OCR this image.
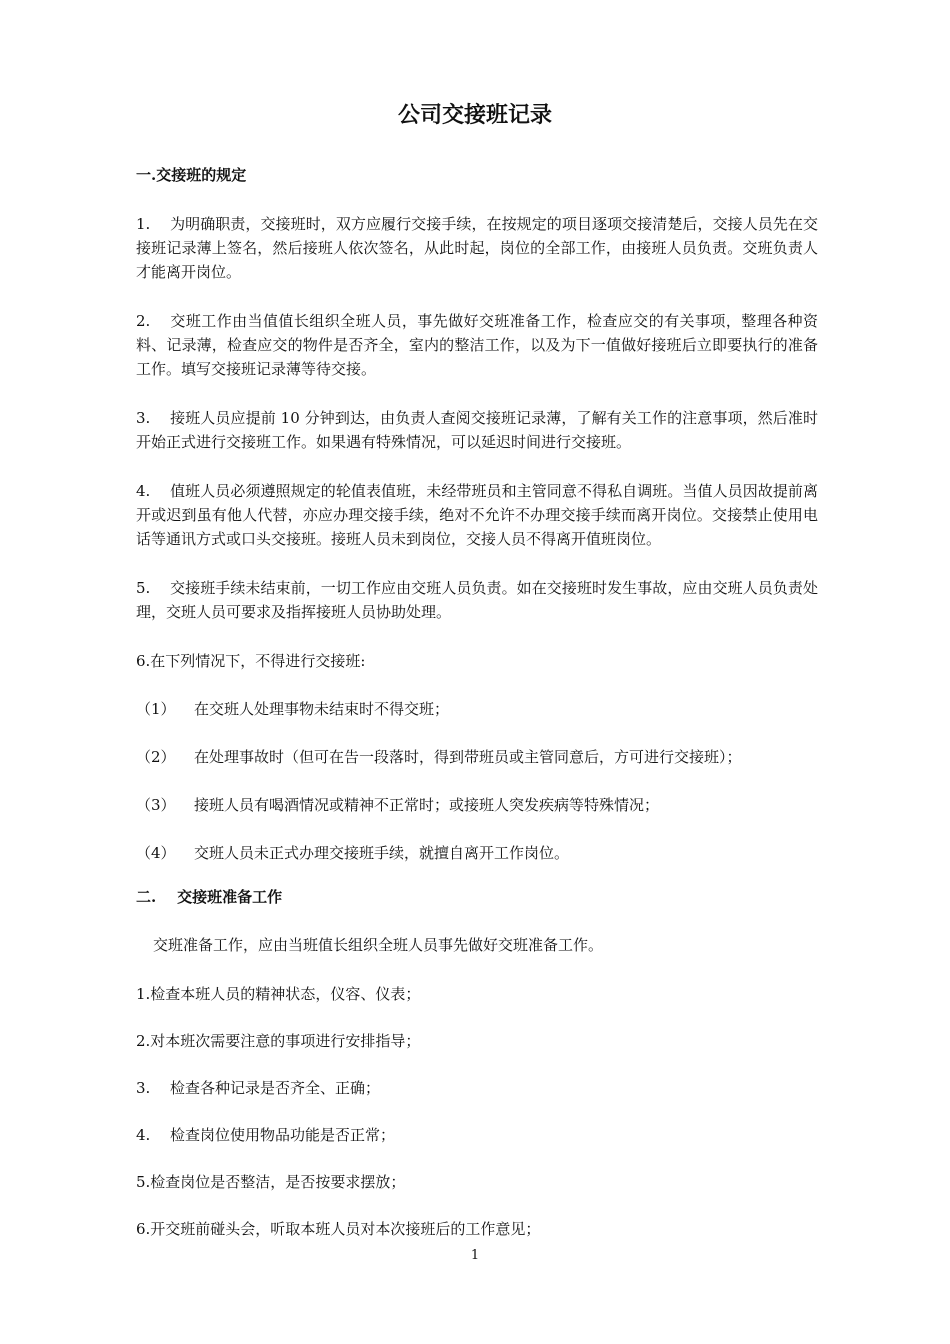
公司交接班记录
一.交接班的规定
1. 为明确职责，交接班时，双方应履行交接手续，在按规定的项目逐项交接清楚后，交接人员先在交接班记录薄上签名，然后接班人依次签名，从此时起，岗位的全部工作，由接班人员负责。交班负责人才能离开岗位。
2. 交班工作由当值值长组织全班人员，事先做好交班准备工作，检查应交的有关事项，整理各种资料、记录薄，检查应交的物件是否齐全，室内的整洁工作，以及为下一值做好接班后立即要执行的准备工作。填写交接班记录薄等待交接。
3. 接班人员应提前 10 分钟到达，由负责人查阅交接班记录薄，了解有关工作的注意事项，然后准时开始正式进行交接班工作。如果遇有特殊情况，可以延迟时间进行交接班。
4. 值班人员必须遵照规定的轮值表值班，未经带班员和主管同意不得私自调班。当值人员因故提前离开或迟到虽有他人代替，亦应办理交接手续，绝对不允许不办理交接手续而离开岗位。交接禁止使用电话等通讯方式或口头交接班。接班人员未到岗位，交接人员不得离开值班岗位。
5. 交接班手续未结束前，一切工作应由交班人员负责。如在交接班时发生事故，应由交班人员负责处理，交班人员可要求及指挥接班人员协助处理。
6.在下列情况下，不得进行交接班:
（1） 在交班人处理事物未结束时不得交班；
（2） 在处理事故时（但可在告一段落时，得到带班员或主管同意后，方可进行交接班）；
（3） 接班人员有喝酒情况或精神不正常时；或接班人突发疾病等特殊情况；
（4） 交班人员未正式办理交接班手续，就擅自离开工作岗位。
二.    交接班准备工作
交班准备工作，应由当班值长组织全班人员事先做好交班准备工作。
1.检查本班人员的精神状态，仪容、仪表；
2.对本班次需要注意的事项进行安排指导；
3. 检查各种记录是否齐全、正确；
4. 检查岗位使用物品功能是否正常；
5.检查岗位是否整洁，是否按要求摆放；
6.开交班前碰头会，听取本班人员对本次接班后的工作意见；
1
